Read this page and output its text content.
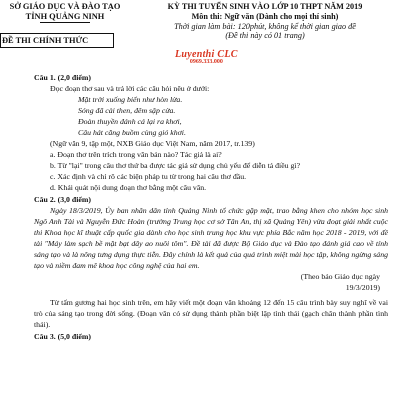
SỞ GIÁO DỤC VÀ ĐÀO TẠO
TỈNH QUẢNG NINH
ĐỀ THI CHÍNH THỨC
KỲ THI TUYỂN SINH VÀO LỚP 10 THPT NĂM 2019
Môn thi: Ngữ văn (Dành cho mọi thí sinh)
Thời gian làm bài: 120phút, không kể thời gian giao đề
(Đề thi này có 01 trang)
Luyenthi CLC
0969.333.000
Câu 1. (2,0 điểm)
Đọc đoạn thơ sau và trả lời các câu hỏi nêu ở dưới:
Mặt trời xuống biển như hòn lửa.
Sóng đã cài then, đêm sập cửa.
Đoàn thuyền đánh cá lại ra khơi,
Câu hát căng buồm cùng gió khơi.
(Ngữ văn 9, tập một, NXB Giáo dục Việt Nam, năm 2017, tr.139)
a. Đoạn thơ trên trích trong văn bản nào? Tác giả là ai?
b. Từ "lại" trong câu thơ thứ ba được tác giả sử dụng chủ yếu để diễn tả điều gì?
c. Xác định và chỉ rõ các biện pháp tu từ trong hai câu thơ đầu.
d. Khái quát nội dung đoạn thơ bằng một câu văn.
Câu 2. (3,0 điểm)
Ngày 18/3/2019, Ủy ban nhân dân tỉnh Quảng Ninh tổ chức gặp mặt, trao bằng khen cho nhóm học sinh Ngô Anh Tài và Nguyễn Đức Hoàn (trường Trung học cơ sở Tân An, thị xã Quảng Yên) vừa đoạt giải nhất cuộc thi Khoa học kĩ thuật cấp quốc gia dành cho học sinh trung học khu vực phía Bắc năm học 2018 - 2019, với đề tài "Máy làm sạch bề mặt bạt dây ao nuôi tôm". Đề tài đã được Bộ Giáo dục và Đào tạo đánh giá cao về tính sáng tạo và là nông tưng dụng thực tiễn. Đây chính là kết quả của quá trình miệt mài học tập, không ngừng sáng tạo và niềm đam mê khoa học công nghệ của hai em.
(Theo báo Giáo dục ngày
19/3/2019)
Từ tấm gương hai học sinh trên, em hãy viết một đoạn văn khoảng 12 đến 15 câu trình bày suy nghĩ về vai trò của sáng tạo trong đời sống. (Đoạn văn có sử dụng thành phần biệt lập tình thái (gạch chân thành phần tình thái).
Câu 3. (5,0 điểm)
